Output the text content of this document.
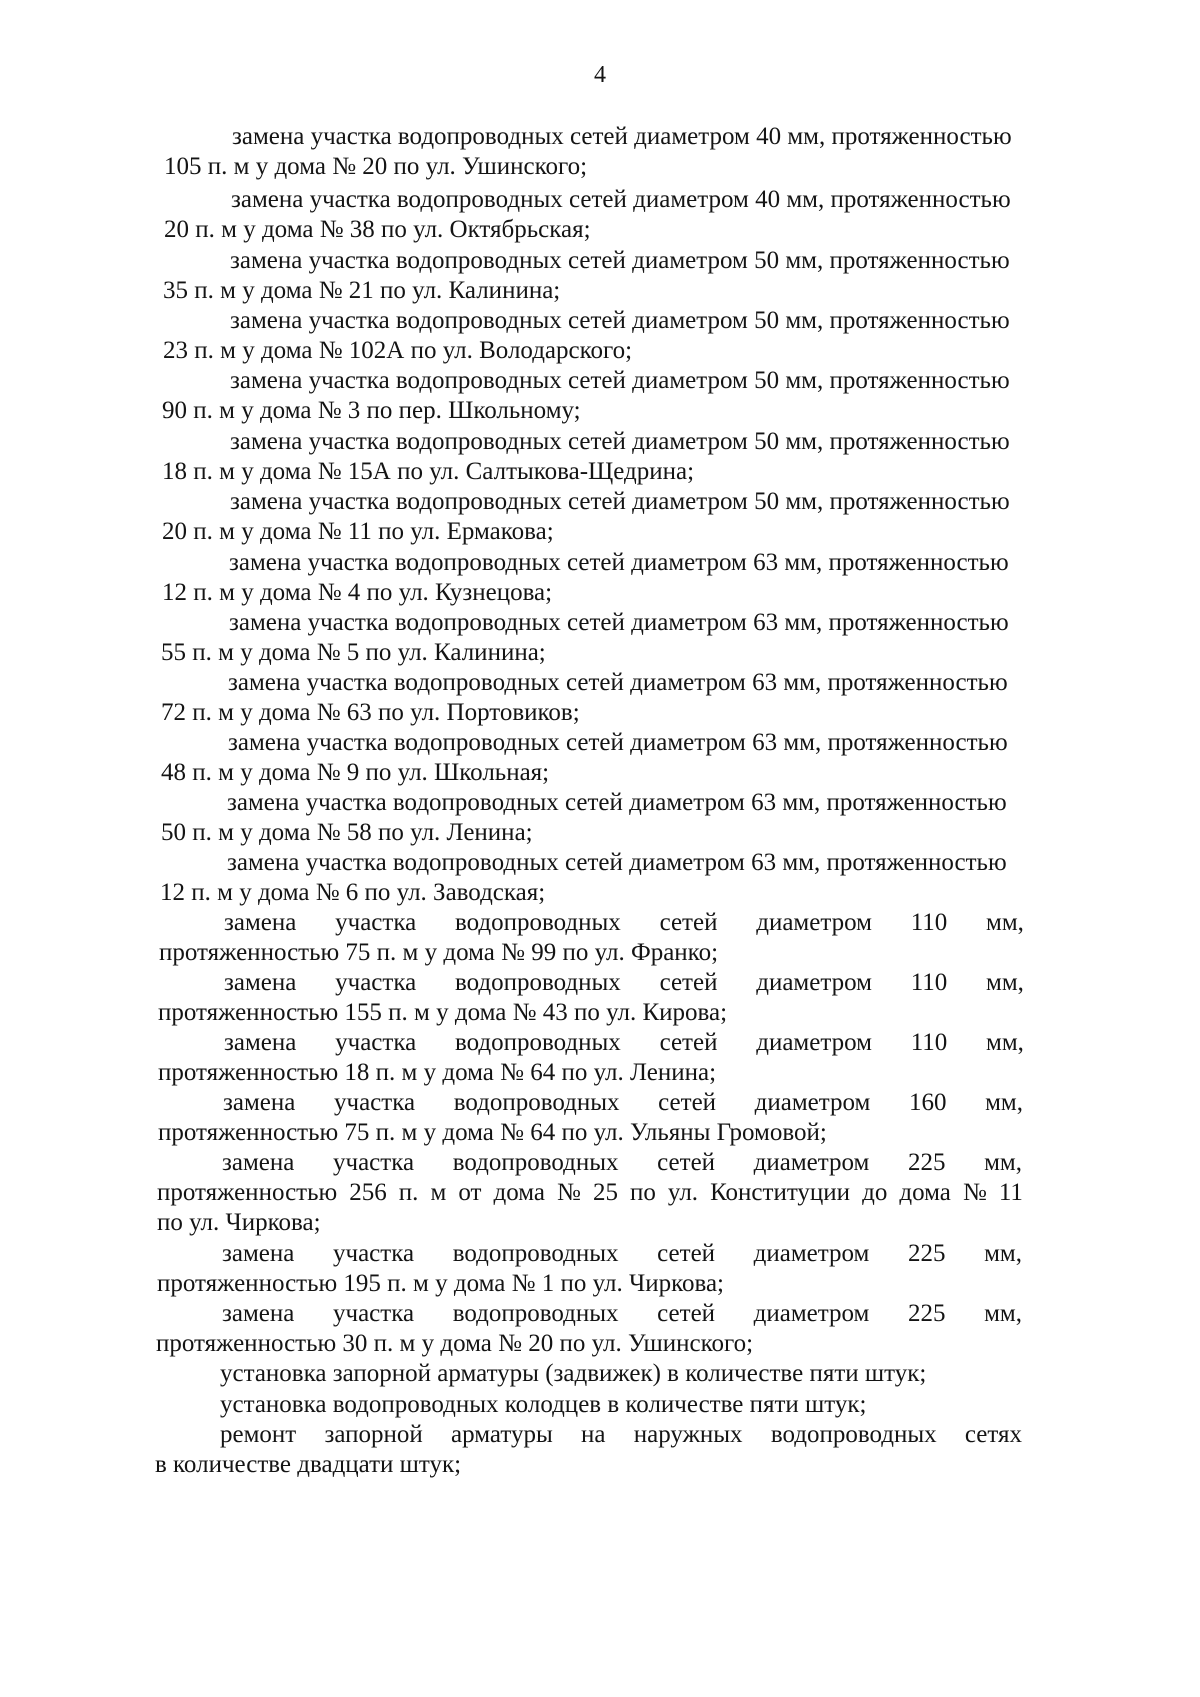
4
замена участка водопроводных сетей диаметром 40 мм, протяженностью
105 п. м у дома № 20 по ул. Ушинского;
замена участка водопроводных сетей диаметром 40 мм, протяженностью
20 п. м у дома № 38 по ул. Октябрьская;
замена участка водопроводных сетей диаметром 50 мм, протяженностью
35 п. м у дома № 21 по ул. Калинина;
замена участка водопроводных сетей диаметром 50 мм, протяженностью
23 п. м у дома № 102А по ул. Володарского;
замена участка водопроводных сетей диаметром 50 мм, протяженностью
90 п. м у дома № 3 по пер. Школьному;
замена участка водопроводных сетей диаметром 50 мм, протяженностью
18 п. м у дома № 15А по ул. Салтыкова-Щедрина;
замена участка водопроводных сетей диаметром 50 мм, протяженностью
20 п. м у дома № 11 по ул. Ермакова;
замена участка водопроводных сетей диаметром 63 мм, протяженностью
12 п. м у дома № 4 по ул. Кузнецова;
замена участка водопроводных сетей диаметром 63 мм, протяженностью
55 п. м у дома № 5 по ул. Калинина;
замена участка водопроводных сетей диаметром 63 мм, протяженностью
72 п. м у дома № 63 по ул. Портовиков;
замена участка водопроводных сетей диаметром 63 мм, протяженностью
48 п. м у дома № 9 по ул. Школьная;
замена участка водопроводных сетей диаметром 63 мм, протяженностью
50 п. м у дома № 58 по ул. Ленина;
замена участка водопроводных сетей диаметром 63 мм, протяженностью
12 п. м у дома № 6 по ул. Заводская;
замена участка водопроводных сетей диаметром 110 мм,
протяженностью 75 п. м у дома № 99 по ул. Франко;
замена участка водопроводных сетей диаметром 110 мм,
протяженностью 155 п. м у дома № 43 по ул. Кирова;
замена участка водопроводных сетей диаметром 110 мм,
протяженностью 18 п. м у дома № 64 по ул. Ленина;
замена участка водопроводных сетей диаметром 160 мм,
протяженностью 75 п. м у дома № 64 по ул. Ульяны Громовой;
замена участка водопроводных сетей диаметром 225 мм,
протяженностью 256 п. м от дома № 25 по ул. Конституции до дома № 11
по ул. Чиркова;
замена участка водопроводных сетей диаметром 225 мм,
протяженностью 195 п. м у дома № 1 по ул. Чиркова;
замена участка водопроводных сетей диаметром 225 мм,
протяженностью 30 п. м у дома № 20 по ул. Ушинского;
установка запорной арматуры (задвижек) в количестве пяти штук;
установка водопроводных колодцев в количестве пяти штук;
ремонт запорной арматуры на наружных водопроводных сетях
в количестве двадцати штук;
